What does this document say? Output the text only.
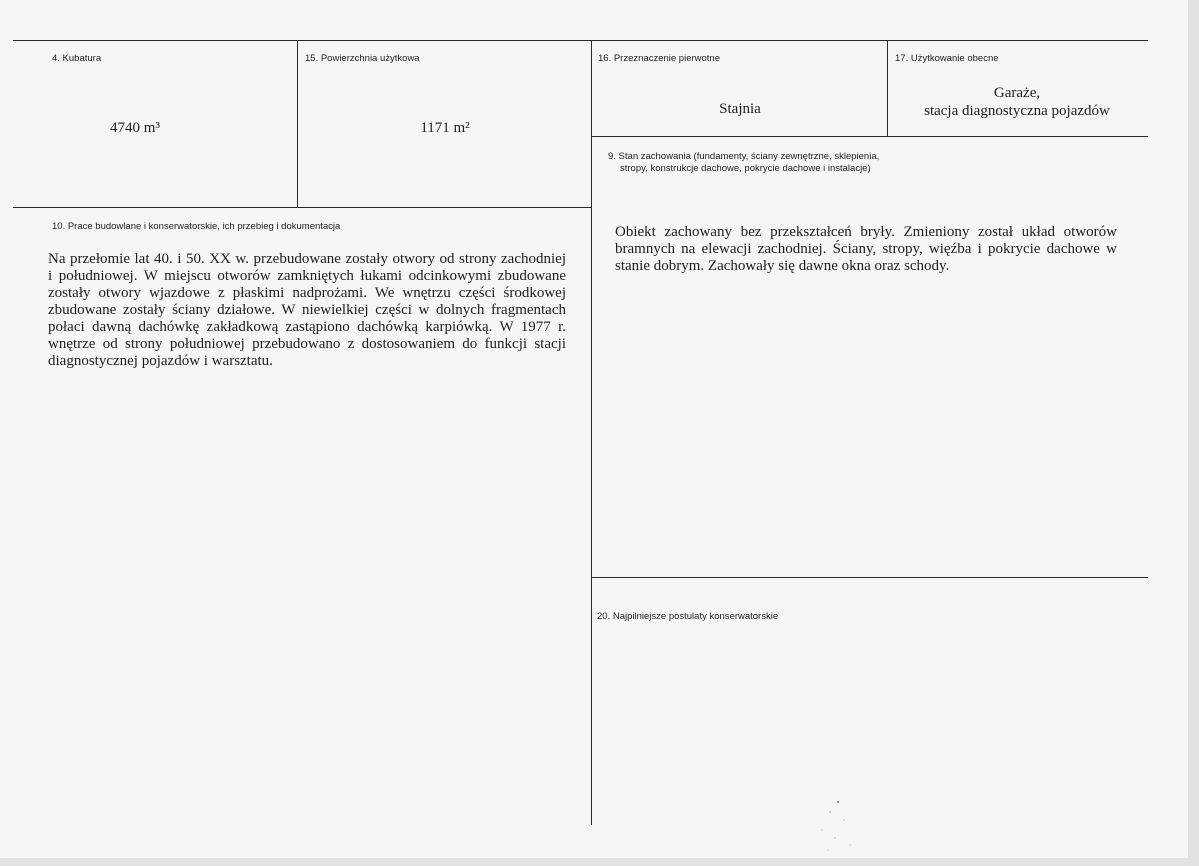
4. Kubatura
4740 m³
15. Powierzchnia użytkowa
1171 m²
16. Przeznaczenie pierwotne
Stajnia
17. Użytkowanie obecne
Garaże,
stacja diagnostyczna pojazdów
9. Stan zachowania (fundamenty, ściany zewnętrzne, sklepienia,
stropy, konstrukcje dachowe, pokrycie dachowe i instalacje)
Obiekt zachowany bez przekształceń bryły. Zmieniony został układ otworów
bramnych na elewacji zachodniej. Ściany, stropy, więźba i pokrycie dachowe w
stanie dobrym. Zachowały się dawne okna oraz schody.
10. Prace budowlane i konserwatorskie, ich przebieg i dokumentacja
Na przełomie lat 40. i 50. XX w. przebudowane zostały otwory od strony zachodniej
i południowej. W miejscu otworów zamkniętych łukami odcinkowymi zbudowane
zostały otwory wjazdowe z płaskimi nadprożami. We wnętrzu części środkowej
zbudowane zostały ściany działowe. W niewielkiej części w dolnych fragmentach
połaci dawną dachówkę zakładkową zastąpiono dachówką karpiówką. W 1977 r.
wnętrze od strony południowej przebudowano z dostosowaniem do funkcji stacji
diagnostycznej pojazdów i warsztatu.
20. Najpilniejsze postulaty konserwatorskie
